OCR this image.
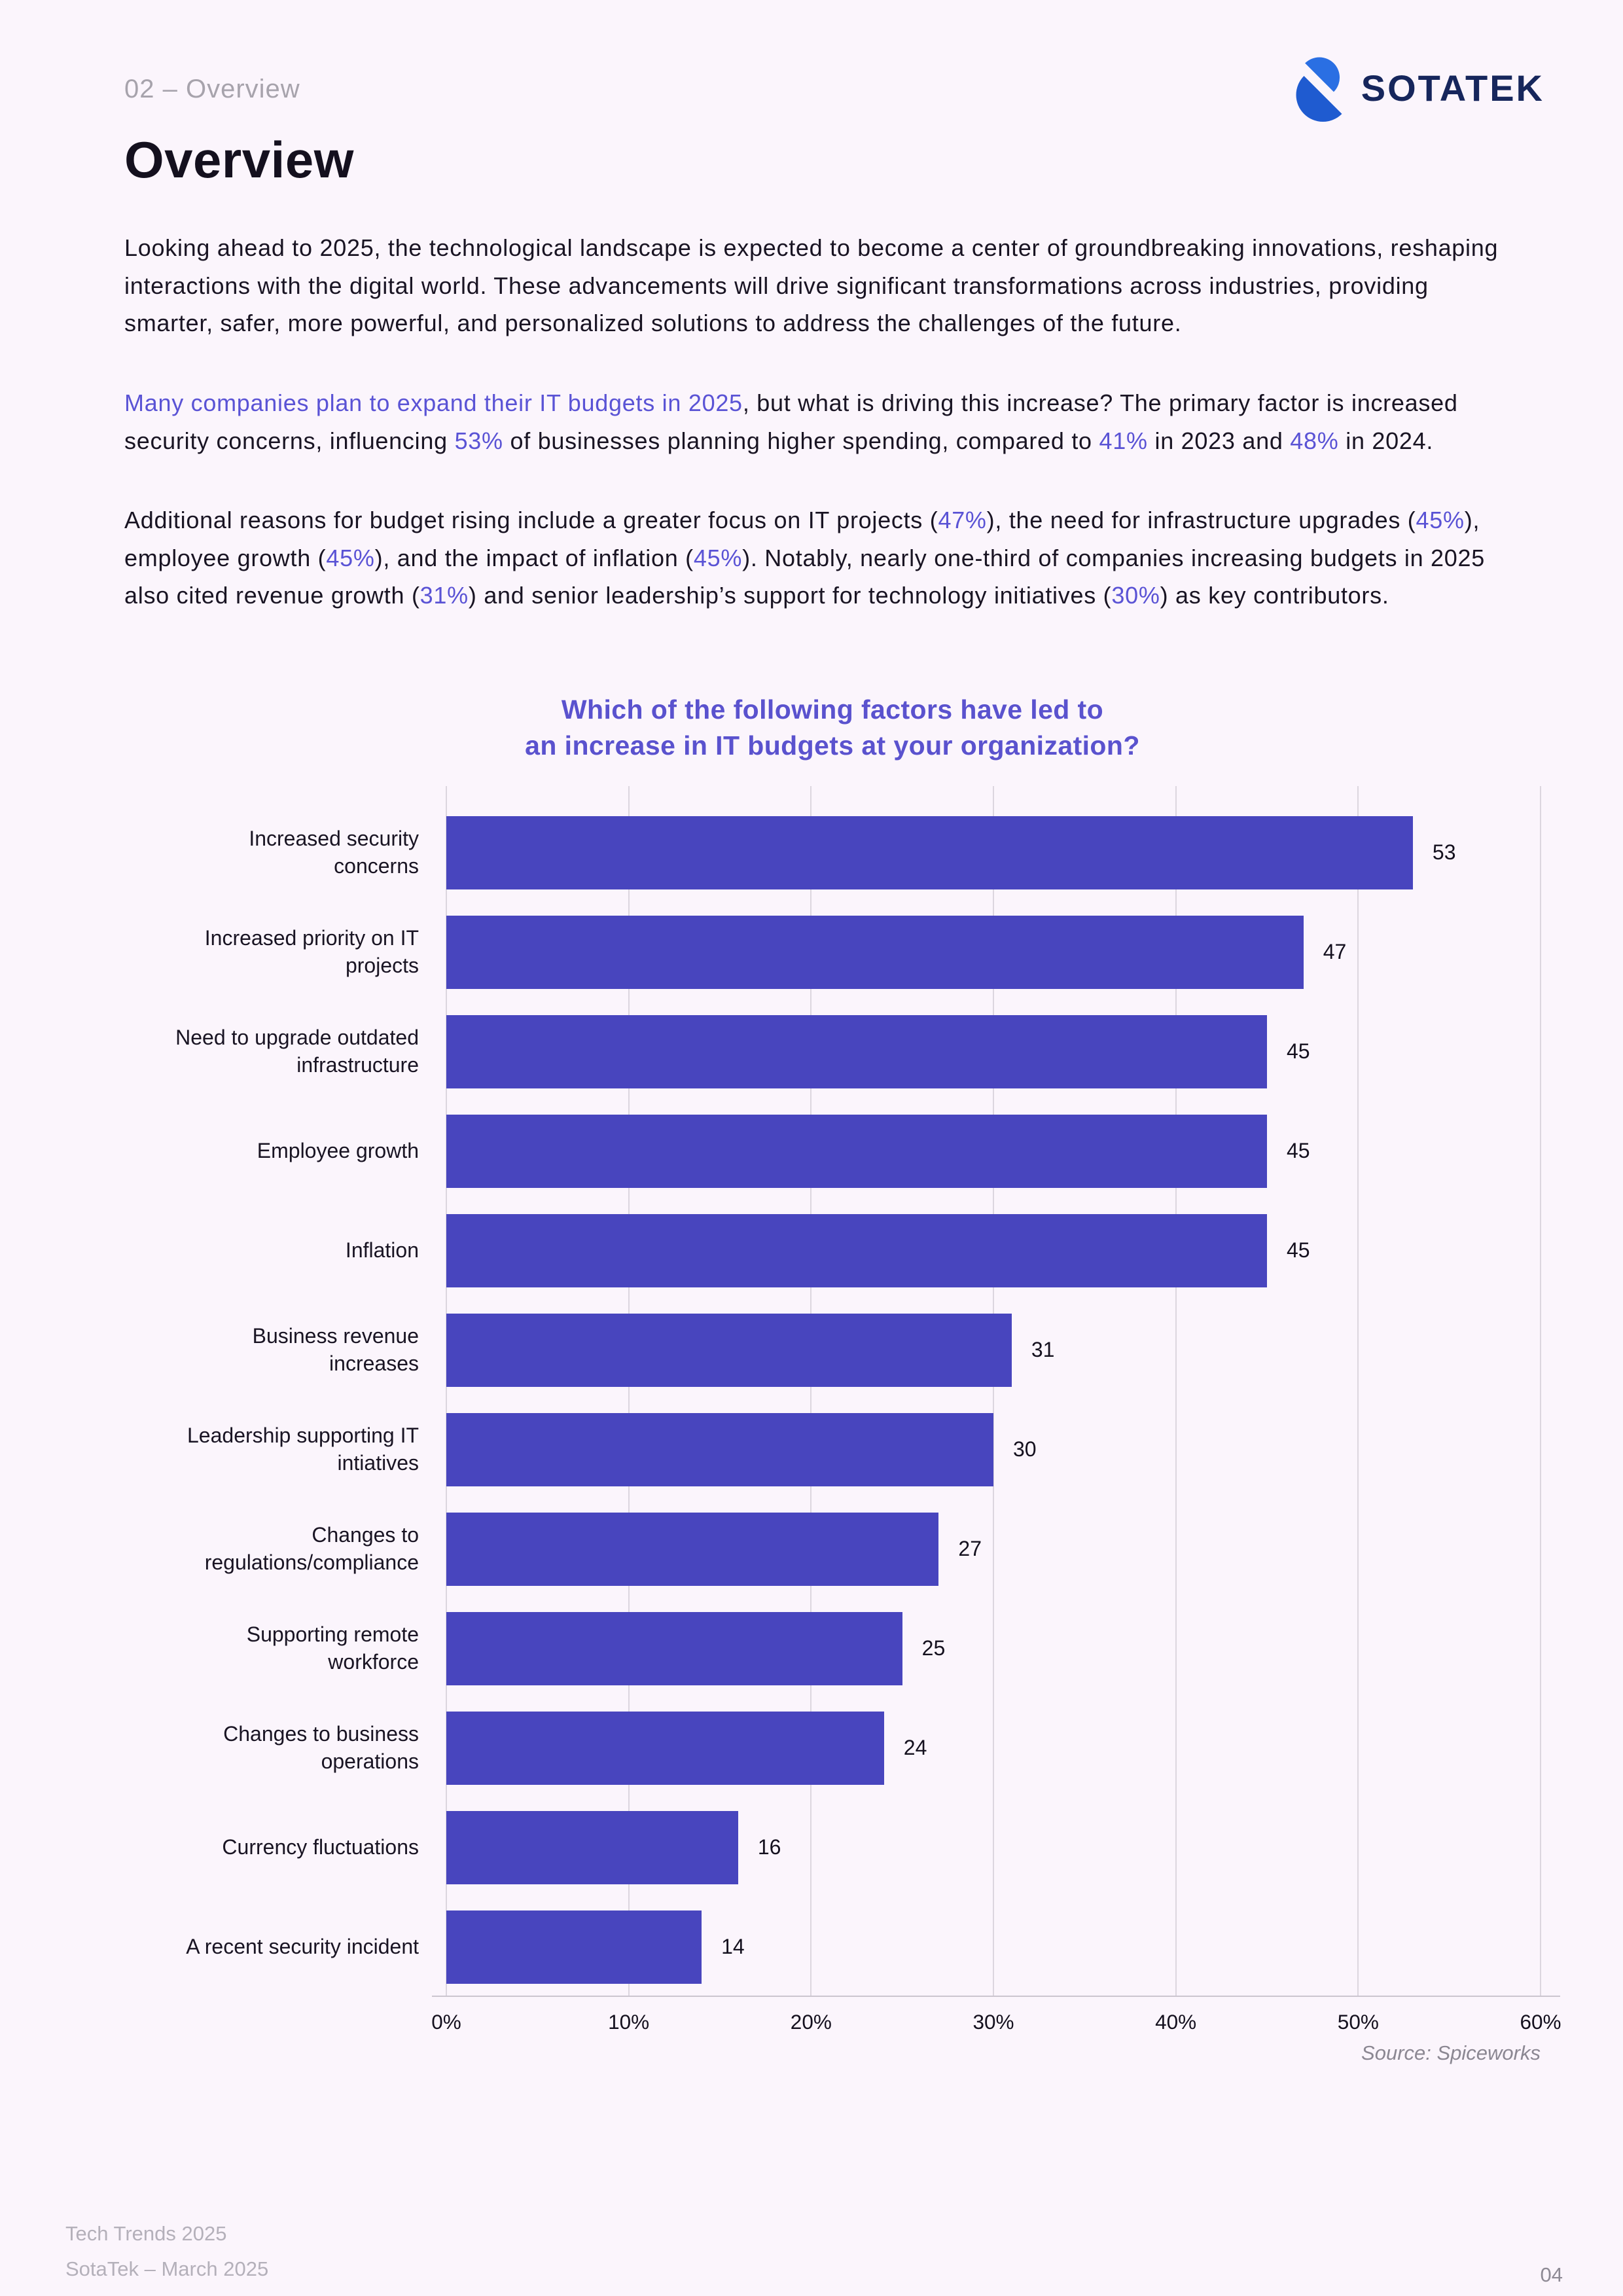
02 – Overview	SOTATEK
Overview

Looking ahead to 2025, the technological landscape is expected to become a center of groundbreaking innovations, reshaping interactions with the digital world. These advancements will drive significant transformations across industries, providing smarter, safer, more powerful, and personalized solutions to address the challenges of the future.

Many companies plan to expand their IT budgets in 2025, but what is driving this increase? The primary factor is increased security concerns, influencing 53% of businesses planning higher spending, compared to 41% in 2023 and 48% in 2024.

Additional reasons for budget rising include a greater focus on IT projects (47%), the need for infrastructure upgrades (45%), employee growth (45%), and the impact of inflation (45%). Notably, nearly one-third of companies increasing budgets in 2025 also cited revenue growth (31%) and senior leadership’s support for technology initiatives (30%) as key contributors.

Which of the following factors have led to
an increase in IT budgets at your organization?
Increased security concerns
53
Increased priority on IT projects
47
Need to upgrade outdated infrastructure
45
Employee growth	45
Inflation	45
Business revenue increases
31
Leadership supporting IT intiatives
30
Changes to regulations/compliance
27
Supporting remote workforce
25
Changes to business operations
24
Currency fluctuations	16
A recent security incident	14
0%	10%	20%	30%	40%	50%	60%
Source: Spiceworks
Tech Trends 2025
SotaTek – March 2025	04
